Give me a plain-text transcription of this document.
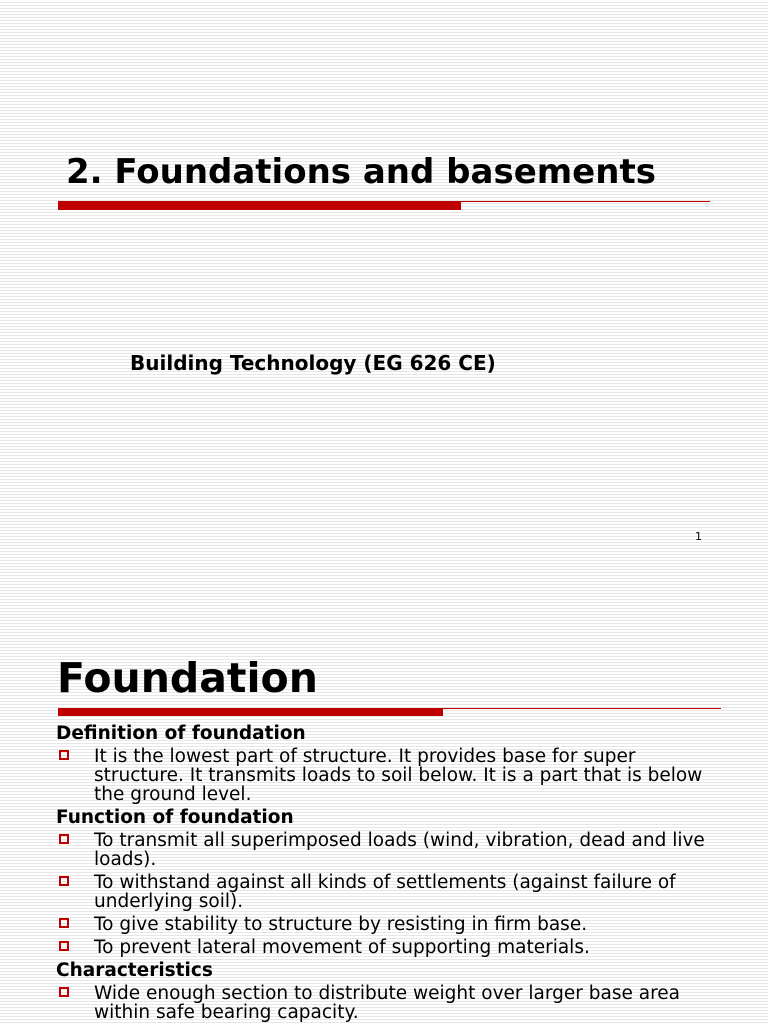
2. Foundations and basements
Building Technology (EG 626 CE)
1
Foundation
Definition of foundation
It is the lowest part of structure. It provides base for super structure. It transmits loads to soil below. It is a part that is below the ground level.
Function of foundation
To transmit all superimposed loads (wind, vibration, dead and live loads).
To withstand against all kinds of settlements (against failure of underlying soil).
To give stability to structure by resisting in firm base.
To prevent lateral movement of supporting materials.
Characteristics
Wide enough section to distribute weight over larger base area within safe bearing capacity.
